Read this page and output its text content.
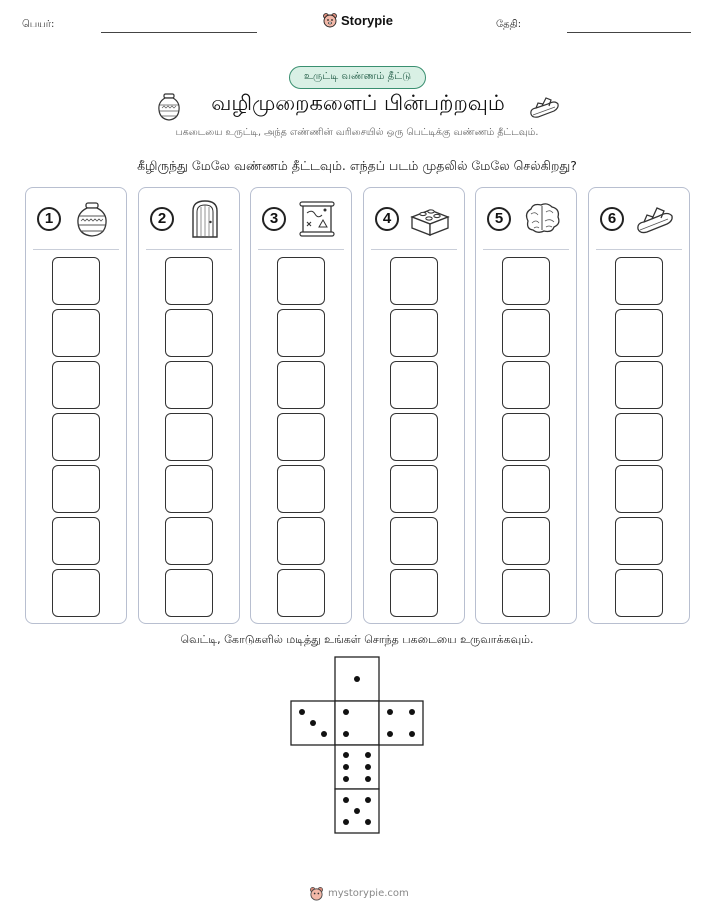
பெயர்:	Storypie	தேதி:
உருட்டி வண்ணம் தீட்டு
வழிமுறைகளைப் பின்பற்றவும்
பகடையை உருட்டி, அந்த எண்ணின் வரிசையில் ஒரு பெட்டிக்கு வண்ணம் தீட்டவும்.
கீழிருந்து மேலே வண்ணம் தீட்டவும். எந்தப் படம் முதலில் மேலே செல்கிறது?
1	2	3	4	5	6
வெட்டி, கோடுகளில் மடித்து உங்கள் சொந்த பகடையை உருவாக்கவும்.
mystorypie.com
